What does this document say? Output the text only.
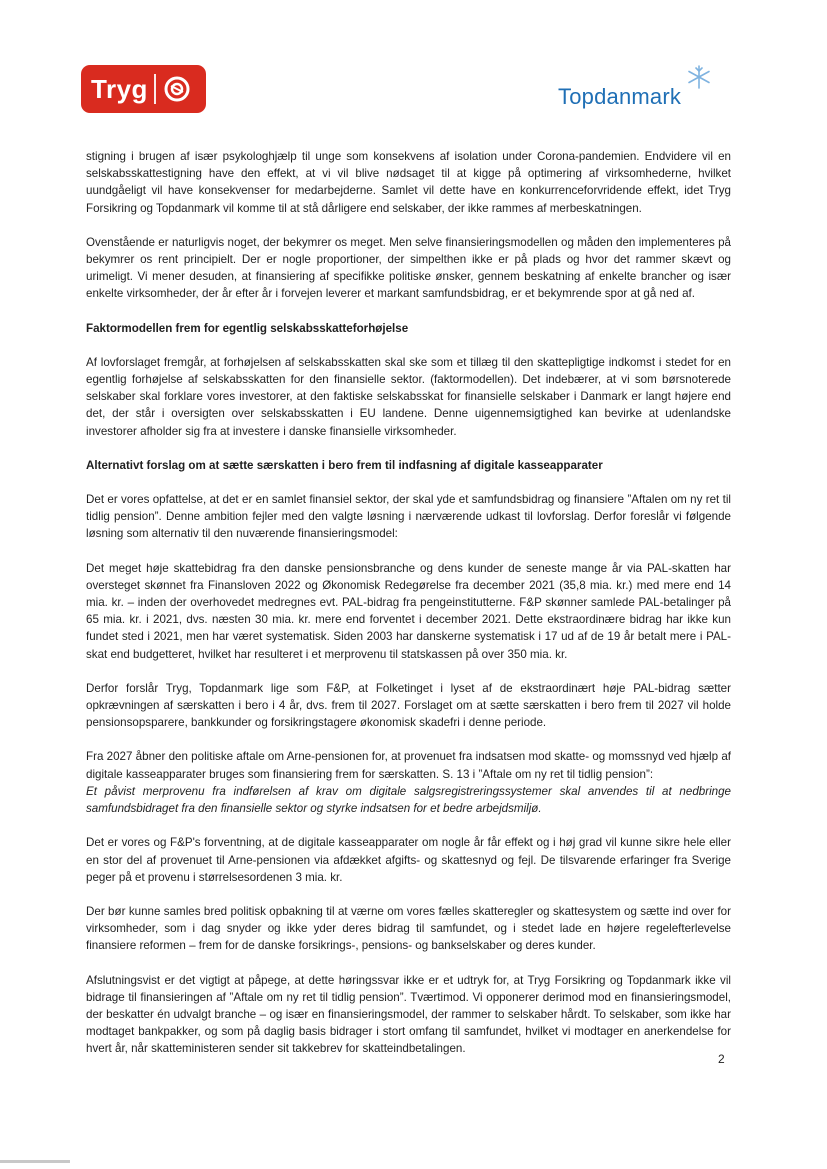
Tryg	Topdanmark

stigning i brugen af især psykologhjælp til unge som konsekvens af isolation under Corona-pandemien. Endvidere vil en selskabsskattestigning have den effekt, at vi vil blive nødsaget til at kigge på optimering af virksomhederne, hvilket uundgåeligt vil have konsekvenser for medarbejderne. Samlet vil dette have en konkurrenceforvridende effekt, idet Tryg Forsikring og Topdanmark vil komme til at stå dårligere end selskaber, der ikke rammes af merbeskatningen.

Ovenstående er naturligvis noget, der bekymrer os meget. Men selve finansieringsmodellen og måden den implementeres på bekymrer os rent principielt. Der er nogle proportioner, der simpelthen ikke er på plads og hvor det rammer skævt og urimeligt. Vi mener desuden, at finansiering af specifikke politiske ønsker, gennem beskatning af enkelte brancher og især enkelte virksomheder, der år efter år i forvejen leverer et markant samfundsbidrag, er et bekymrende spor at gå ned af.

Faktormodellen frem for egentlig selskabsskatteforhøjelse

Af lovforslaget fremgår, at forhøjelsen af selskabsskatten skal ske som et tillæg til den skattepligtige indkomst i stedet for en egentlig forhøjelse af selskabsskatten for den finansielle sektor. (faktormodellen). Det indebærer, at vi som børsnoterede selskaber skal forklare vores investorer, at den faktiske selskabsskat for finansielle selskaber i Danmark er langt højere end det, der står i oversigten over selskabsskatten i EU landene. Denne uigennemsigtighed kan bevirke at udenlandske investorer afholder sig fra at investere i danske finansielle virksomheder.

Alternativt forslag om at sætte særskatten i bero frem til indfasning af digitale kasseapparater

Det er vores opfattelse, at det er en samlet finansiel sektor, der skal yde et samfundsbidrag og finansiere ”Aftalen om ny ret til tidlig pension”. Denne ambition fejler med den valgte løsning i nærværende udkast til lovforslag. Derfor foreslår vi følgende løsning som alternativ til den nuværende finansieringsmodel:

Det meget høje skattebidrag fra den danske pensionsbranche og dens kunder de seneste mange år via PAL-skatten har oversteget skønnet fra Finansloven 2022 og Økonomisk Redegørelse fra december 2021 (35,8 mia. kr.) med mere end 14 mia. kr. – inden der overhovedet medregnes evt. PAL-bidrag fra pengeinstitutterne. F&P skønner samlede PAL-betalinger på 65 mia. kr. i 2021, dvs. næsten 30 mia. kr. mere end forventet i december 2021. Dette ekstraordinære bidrag har ikke kun fundet sted i 2021, men har været systematisk. Siden 2003 har danskerne systematisk i 17 ud af de 19 år betalt mere i PAL-skat end budgetteret, hvilket har resulteret i et merprovenu til statskassen på over 350 mia. kr.

Derfor forslår Tryg, Topdanmark lige som F&P, at Folketinget i lyset af de ekstraordinært høje PAL-bidrag sætter opkrævningen af særskatten i bero i 4 år, dvs. frem til 2027. Forslaget om at sætte særskatten i bero frem til 2027 vil holde pensionsopsparere, bankkunder og forsikringstagere økonomisk skadefri i denne periode.

Fra 2027 åbner den politiske aftale om Arne-pensionen for, at provenuet fra indsatsen mod skatte- og momssnyd ved hjælp af digitale kasseapparater bruges som finansiering frem for særskatten. S. 13 i ”Aftale om ny ret til tidlig pension”:

Et påvist merprovenu fra indførelsen af krav om digitale salgsregistreringssystemer skal anvendes til at nedbringe samfundsbidraget fra den finansielle sektor og styrke indsatsen for et bedre arbejdsmiljø.

Det er vores og F&P's forventning, at de digitale kasseapparater om nogle år får effekt og i høj grad vil kunne sikre hele eller en stor del af provenuet til Arne-pensionen via afdækket afgifts- og skattesnyd og fejl. De tilsvarende erfaringer fra Sverige peger på et provenu i størrelsesordenen 3 mia. kr.

Der bør kunne samles bred politisk opbakning til at værne om vores fælles skatteregler og skattesystem og sætte ind over for virksomheder, som i dag snyder og ikke yder deres bidrag til samfundet, og i stedet lade en højere regelefterlevelse finansiere reformen – frem for de danske forsikrings-, pensions- og bankselskaber og deres kunder.

Afslutningsvist er det vigtigt at påpege, at dette høringssvar ikke er et udtryk for, at Tryg Forsikring og Topdanmark ikke vil bidrage til finansieringen af ”Aftale om ny ret til tidlig pension”. Tværtimod. Vi opponerer derimod mod en finansieringsmodel, der beskatter én udvalgt branche – og især en finansieringsmodel, der rammer to selskaber hårdt. To selskaber, som ikke har modtaget bankpakker, og som på daglig basis bidrager i stort omfang til samfundet, hvilket vi modtager en anerkendelse for hvert år, når skatteministeren sender sit takkebrev for skatteindbetalingen.

2
